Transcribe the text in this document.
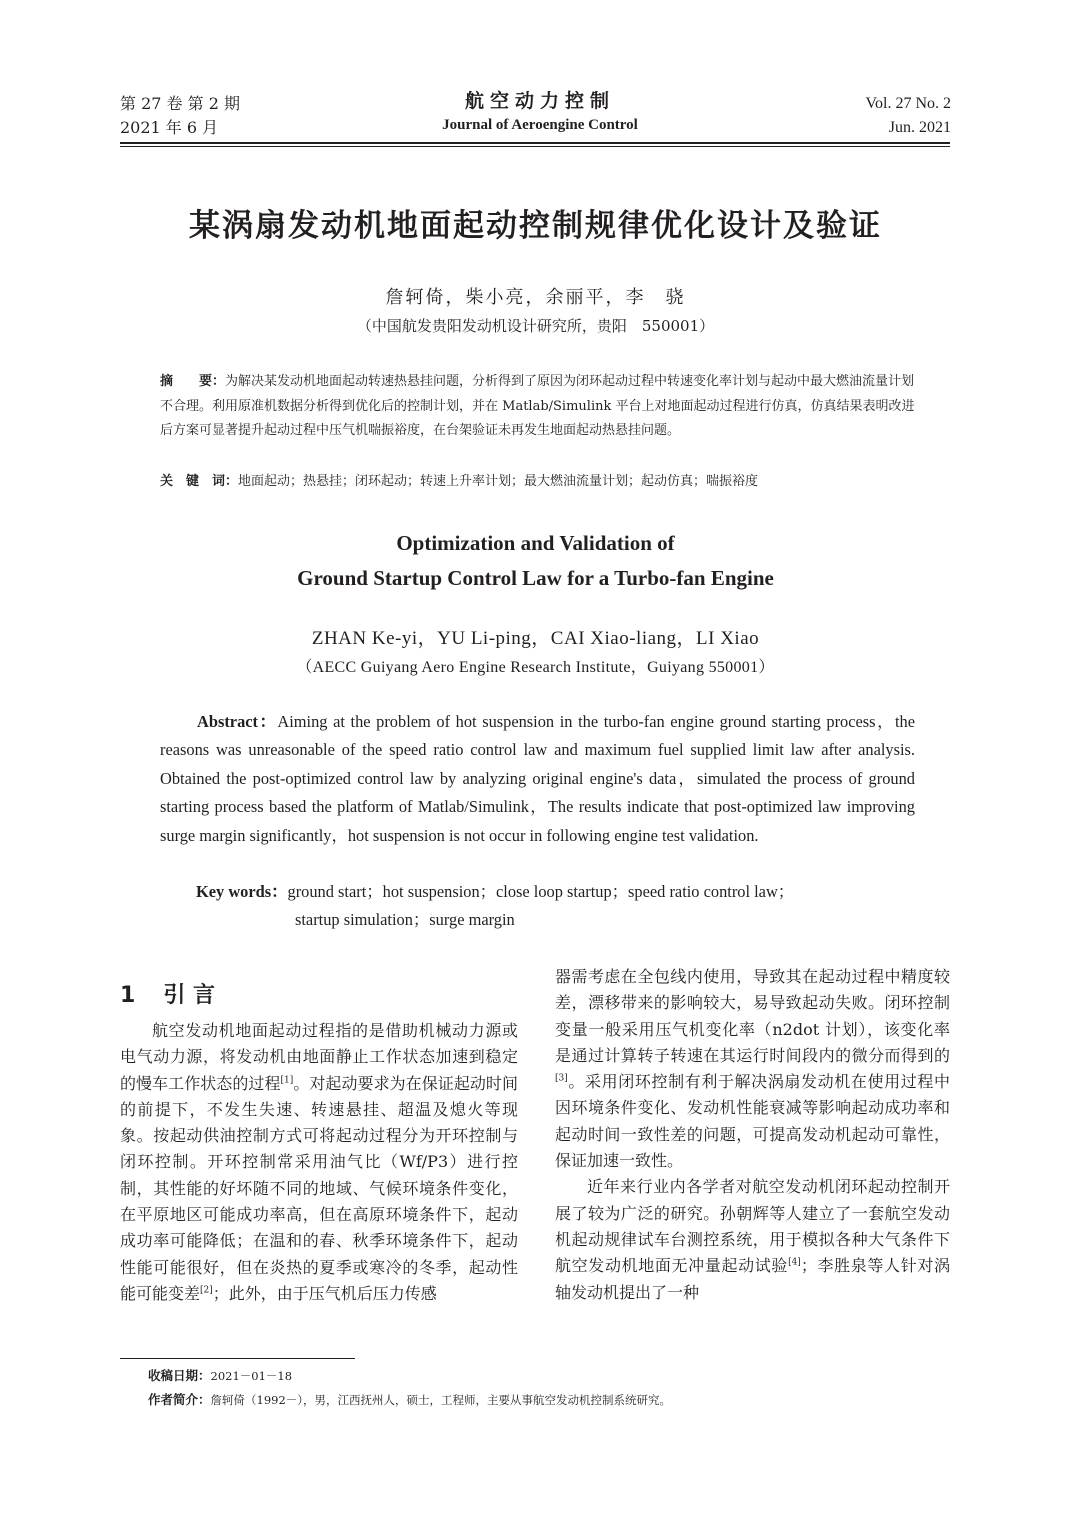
第 27 卷 第 2 期
2021 年 6 月
航空动力控制
Journal of Aeroengine Control
Vol. 27 No. 2
Jun. 2021
某涡扇发动机地面起动控制规律优化设计及验证
詹轲倚，柴小亮，余丽平，李　骁
（中国航发贵阳发动机设计研究所，贵阳　550001）
摘　　要：为解决某发动机地面起动转速热悬挂问题，分析得到了原因为闭环起动过程中转速变化率计划与起动中最大燃油流量计划不合理。利用原准机数据分析得到优化后的控制计划，并在 Matlab/Simulink 平台上对地面起动过程进行仿真，仿真结果表明改进后方案可显著提升起动过程中压气机喘振裕度，在台架验证未再发生地面起动热悬挂问题。
关　键　词：地面起动；热悬挂；闭环起动；转速上升率计划；最大燃油流量计划；起动仿真；喘振裕度
Optimization and Validation of
Ground Startup Control Law for a Turbo-fan Engine
ZHAN Ke-yi，YU Li-ping，CAI Xiao-liang，LI Xiao
（AECC Guiyang Aero Engine Research Institute，Guiyang 550001）

Abstract：Aiming at the problem of hot suspension in the turbo-fan engine ground starting process，the reasons was unreasonable of the speed ratio control law and maximum fuel supplied limit law after analysis. Obtained the post-optimized control law by analyzing original engine's data，simulated the process of ground starting process based the platform of Matlab/Simulink，The results indicate that post-optimized law improving surge margin significantly，hot suspension is not occur in following engine test validation.

Key words：ground start；hot suspension；close loop startup；speed ratio control law；
startup simulation；surge margin
1 引 言

航空发动机地面起动过程指的是借助机械动力源或电气动力源，将发动机由地面静止工作状态加速到稳定的慢车工作状态的过程[1]。对起动要求为在保证起动时间的前提下，不发生失速、转速悬挂、超温及熄火等现象。按起动供油控制方式可将起动过程分为开环控制与闭环控制。开环控制常采用油气比（Wf/P3）进行控制，其性能的好坏随不同的地域、气候环境条件变化，在平原地区可能成功率高，但在高原环境条件下，起动成功率可能降低；在温和的春、秋季环境条件下，起动性能可能很好，但在炎热的夏季或寒冷的冬季，起动性能可能变差[2]；此外，由于压气机后压力传感

器需考虑在全包线内使用，导致其在起动过程中精度较差，漂移带来的影响较大，易导致起动失败。闭环控制变量一般采用压气机变化率（n2dot 计划），该变化率是通过计算转子转速在其运行时间段内的微分而得到的[3]。采用闭环控制有利于解决涡扇发动机在使用过程中因环境条件变化、发动机性能衰减等影响起动成功率和起动时间一致性差的问题，可提高发动机起动可靠性，保证加速一致性。

近年来行业内各学者对航空发动机闭环起动控制开展了较为广泛的研究。孙朝辉等人建立了一套航空发动机起动规律试车台测控系统，用于模拟各种大气条件下航空发动机地面无冲量起动试验[4]；李胜泉等人针对涡轴发动机提出了一种

收稿日期：2021－01－18
作者简介：詹轲倚（1992－），男，江西抚州人，硕士，工程师，主要从事航空发动机控制系统研究。
